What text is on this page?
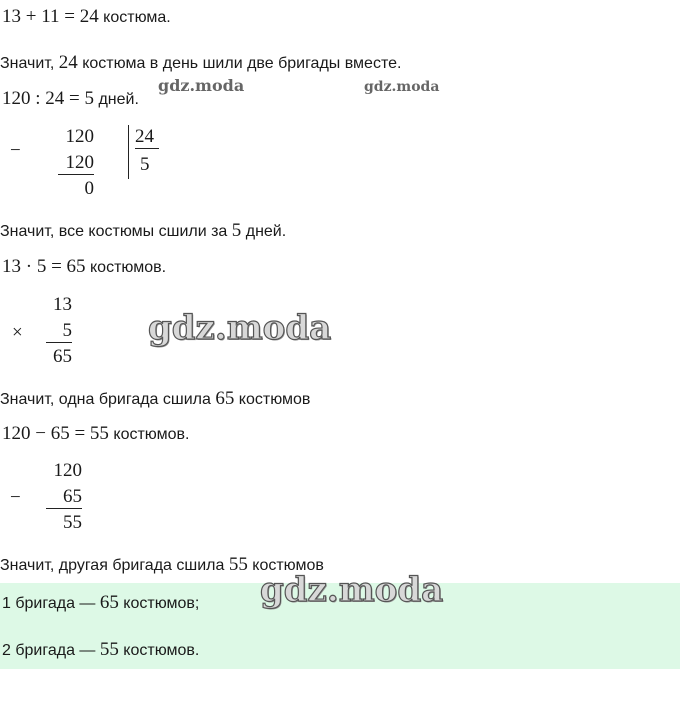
13 + 11 = 24 костюма.
Значит, 24 костюма в день шили две бригады вместе.
120 : 24 = 5 дней.
gdz.moda	gdz.moda
−
120
120
0
24
5
Значит, все костюмы сшили за 5 дней.
13 · 5 = 65 костюмов.
×
13
5
65
gdz.moda
Значит, одна бригада сшила 65 костюмов
120 − 65 = 55 костюмов.
−
120
65
55
Значит, другая бригада сшила 55 костюмов
1 бригада — 65 костюмов; gdz.moda
2 бригада — 55 костюмов.
